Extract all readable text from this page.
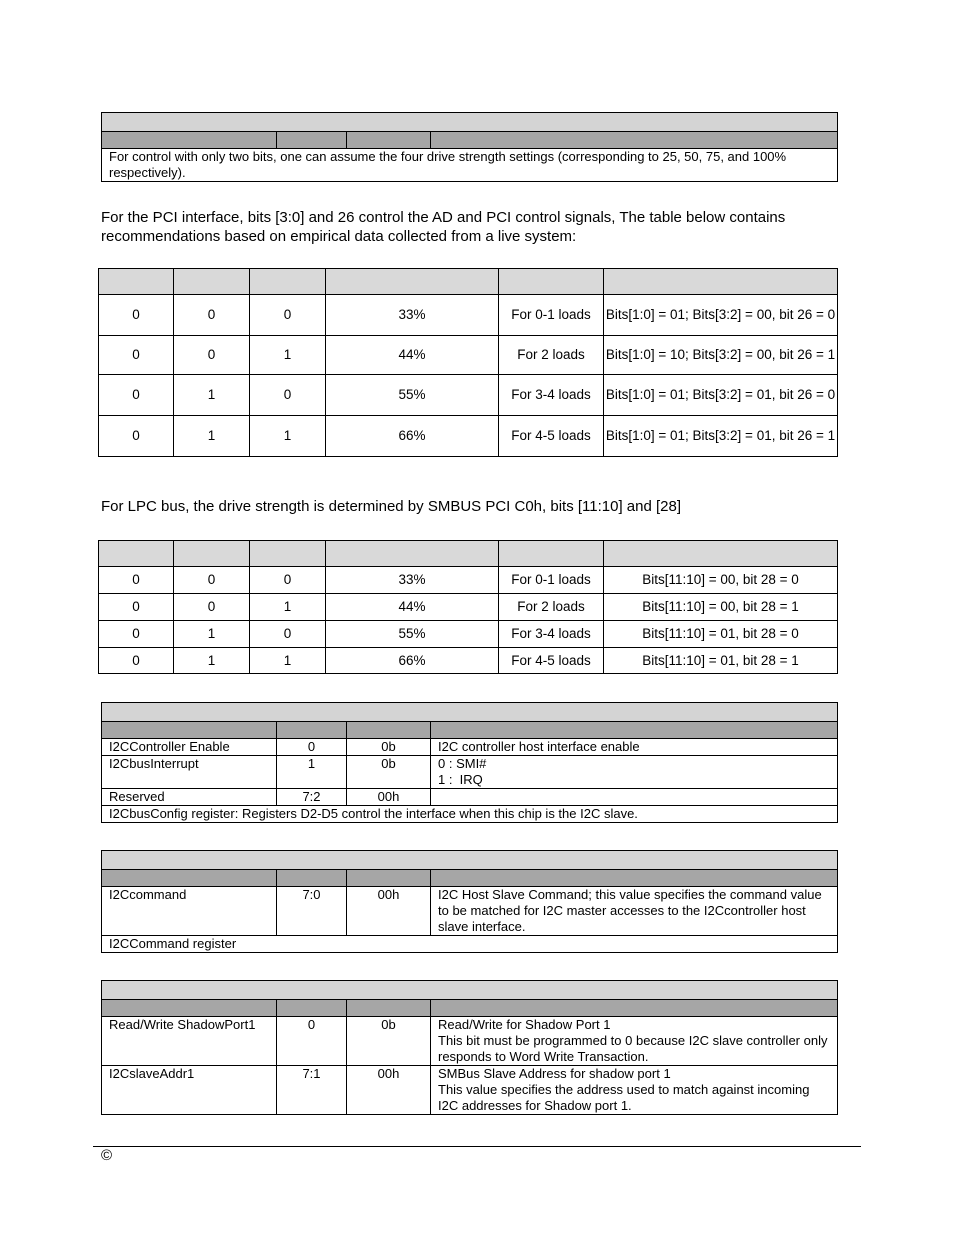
For control with only two bits, one can assume the four drive strength settings (corresponding to 25, 50, 75, and 100% respectively).
For the PCI interface, bits [3:0] and 26 control the AD and PCI control signals, The table below contains recommendations based on empirical data collected from a live system:

0	0	0	33%	For 0-1 loads	Bits[1:0] = 01; Bits[3:2] = 00, bit 26 = 0
0	0	1	44%	For 2 loads	Bits[1:0] = 10; Bits[3:2] = 00, bit 26 = 1
0	1	0	55%	For 3-4 loads	Bits[1:0] = 01; Bits[3:2] = 01, bit 26 = 0
0	1	1	66%	For 4-5 loads	Bits[1:0] = 01; Bits[3:2] = 01, bit 26 = 1
For LPC bus, the drive strength is determined by SMBUS PCI C0h, bits [11:10] and [28]

0	0	0	33%	For 0-1 loads	Bits[11:10] = 00, bit 28 = 0
0	0	1	44%	For 2 loads	Bits[11:10] = 00, bit 28 = 1
0	1	0	55%	For 3-4 loads	Bits[11:10] = 01, bit 28 = 0
0	1	1	66%	For 4-5 loads	Bits[11:10] = 01, bit 28 = 1

I2CController Enable	0	0b	I2C controller host interface enable
I2CbusInterrupt	1	0b	0 : SMI#
1 :  IRQ

Reserved	7:2	00h	
I2CbusConfig register: Registers D2-D5 control the interface when this chip is the I2C slave.			

I2Ccommand	7:0	00h	I2C Host Slave Command; this value specifies the command value to be matched for I2C master accesses to the I2Ccontroller host slave interface.
I2CCommand register			

Read/Write ShadowPort1	0	0b	Read/Write for Shadow Port 1
This bit must be programmed to 0 because I2C slave controller only responds to Word Write Transaction.

I2CslaveAddr1	7:1	00h	SMBus Slave Address for shadow port 1
This value specifies the address used to match against incoming I2C addresses for Shadow port 1.
©
